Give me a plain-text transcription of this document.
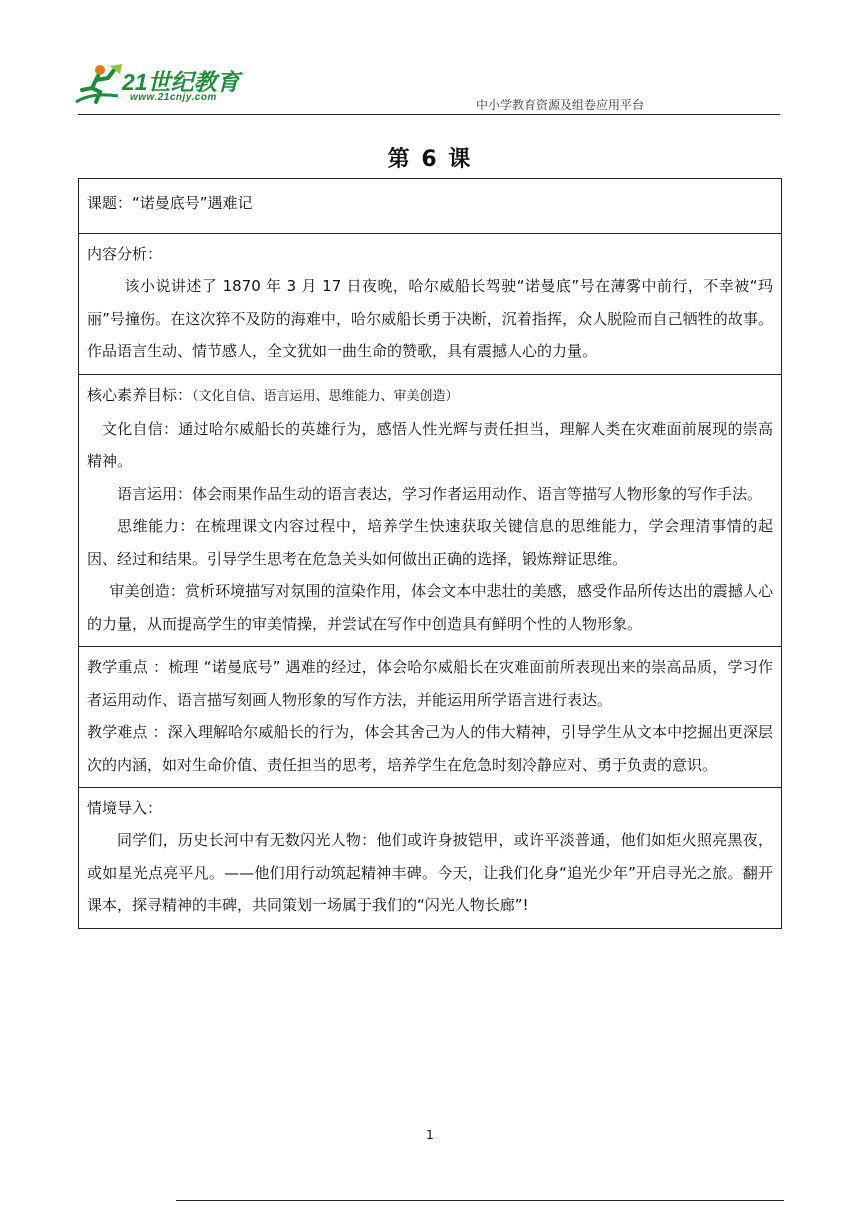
21世纪教育
www.21cnjy.com
中小学教育资源及组卷应用平台
第 6 课

课题：“诺曼底号”遇难记

内容分析：

该小说讲述了 1870 年 3 月 17 日夜晚，哈尔威船长驾驶“诺曼底”号在薄雾中前行，不幸被“玛丽”号撞伤。在这次猝不及防的海难中，哈尔威船长勇于决断，沉着指挥，众人脱险而自己牺牲的故事。 作品语言生动、情节感人，全文犹如一曲生命的赞歌，具有震撼人心的力量。

核心素养目标：（文化自信、语言运用、思维能力、审美创造）

文化自信：通过哈尔威船长的英雄行为，感悟人性光辉与责任担当，理解人类在灾难面前展现的崇高精神。

语言运用：体会雨果作品生动的语言表达，学习作者运用动作、语言等描写人物形象的写作手法。

思维能力：在梳理课文内容过程中，培养学生快速获取关键信息的思维能力，学会理清事情的起因、经过和结果。引导学生思考在危急关头如何做出正确的选择，锻炼辩证思维。

审美创造：赏析环境描写对氛围的渲染作用，体会文本中悲壮的美感，感受作品所传达出的震撼人心的力量，从而提高学生的审美情操，并尝试在写作中创造具有鲜明个性的人物形象。

教学重点 ：梳理 “诺曼底号” 遇难的经过，体会哈尔威船长在灾难面前所表现出来的崇高品质，学习作者运用动作、语言描写刻画人物形象的写作方法，并能运用所学语言进行表达。

教学难点 ：深入理解哈尔威船长的行为，体会其舍己为人的伟大精神，引导学生从文本中挖掘出更深层次的内涵，如对生命价值、责任担当的思考，培养学生在危急时刻冷静应对、勇于负责的意识。

情境导入：

同学们，历史长河中有无数闪光人物：他们或许身披铠甲，或许平淡普通，他们如炬火照亮黑夜，或如星光点亮平凡。——他们用行动筑起精神丰碑。今天，让我们化身“追光少年”开启寻光之旅。翻开课本，探寻精神的丰碑，共同策划一场属于我们的“闪光人物长廊”!

1
